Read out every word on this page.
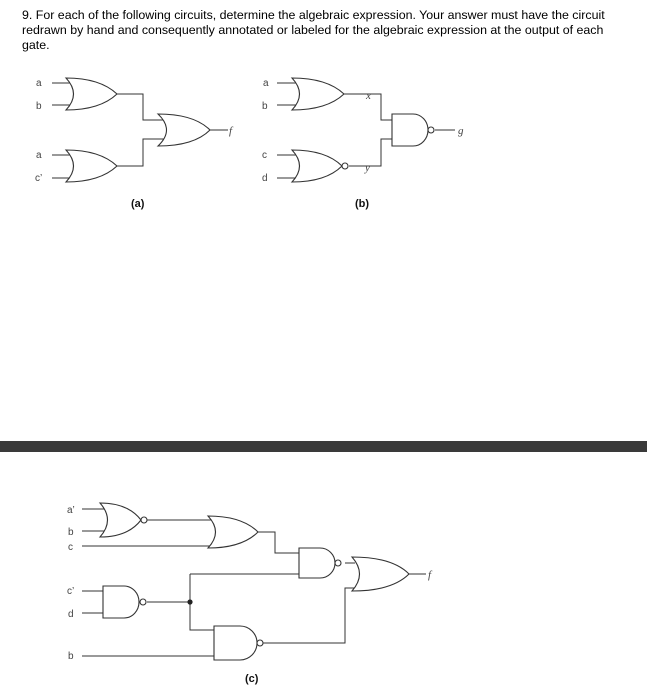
9. For each of the following circuits, determine the algebraic expression. Your answer must have the circuit redrawn by hand and consequently annotated or labeled for the algebraic expression at the output of each gate.

a
b
a
c’
f
(a)
a
b
c
d
x
y
g
(b)
a’
b
c
c’
d
b
f
(c)
